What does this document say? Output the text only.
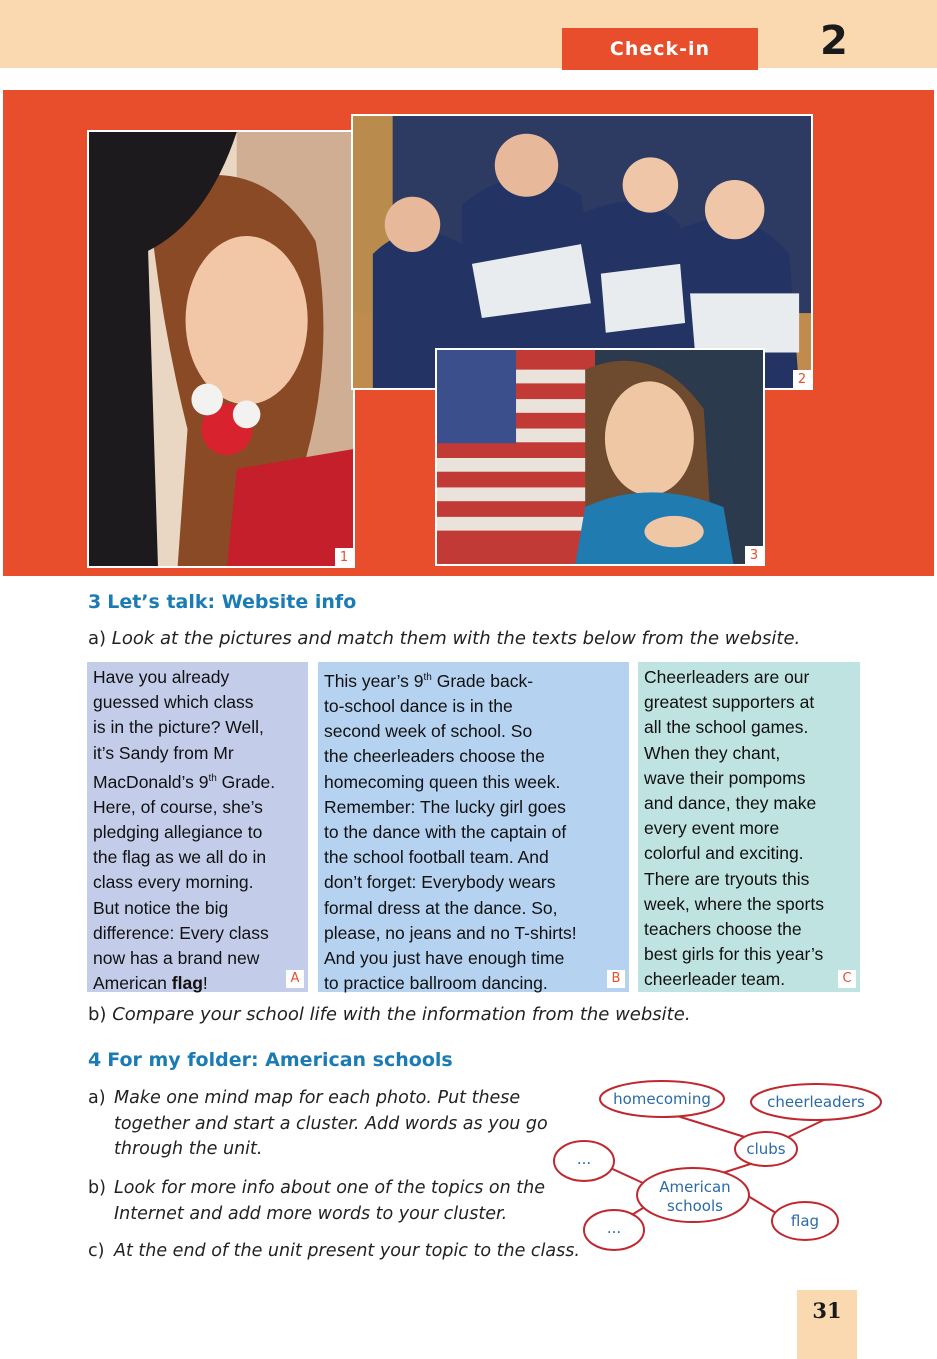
Check-in	2
1
2
3
3 Let’s talk: Website info
a) Look at the pictures and match them with the texts below from the website.
Have you already
guessed which class
is in the picture? Well,
it’s Sandy from Mr
MacDonald’s 9th Grade.
Here, of course, she’s
pledging allegiance to
the flag as we all do in
class every morning.
But notice the big
difference: Every class
now has a brand new
American flag!	A
This year’s 9th Grade back-
to-school dance is in the
second week of school. So
the cheerleaders choose the
homecoming queen this week.
Remember: The lucky girl goes
to the dance with the captain of
the school football team. And
don’t forget: Everybody wears
formal dress at the dance. So,
please, no jeans and no T-shirts!
And you just have enough time
to practice ballroom dancing.	B
Cheerleaders are our
greatest supporters at
all the school games.
When they chant,
wave their pompoms
and dance, they make
every event more
colorful and exciting.
There are tryouts this
week, where the sports
teachers choose the
best girls for this year’s
cheerleader team.	C
b) Compare your school life with the information from the website.
4 For my folder: American schools
a) Make one mind map for each photo. Put these
together and start a cluster. Add words as you go
through the unit.
b) Look for more info about one of the topics on the
Internet and add more words to your cluster.
c) At the end of the unit present your topic to the class.
homecoming	cheerleaders
clubs
...
American
schools
flag
...
31
